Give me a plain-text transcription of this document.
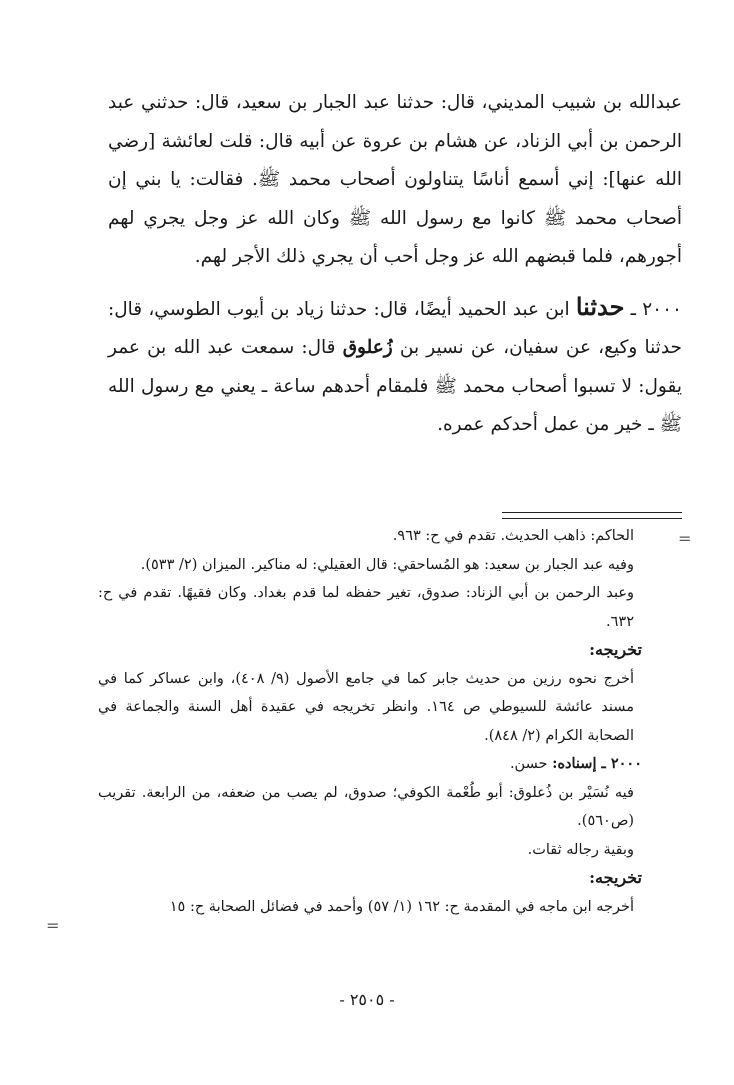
عبدالله بن شبيب المديني، قال: حدثنا عبد الجبار بن سعيد، قال: حدثني عبد الرحمن بن أبي الزناد، عن هشام بن عروة عن أبيه قال: قلت لعائشة [رضي الله عنها]: إني أسمع أناسًا يتناولون أصحاب محمد ﷺ. فقالت: يا بني إن أصحاب محمد ﷺ كانوا مع رسول الله ﷺ وكان الله عز وجل يجري لهم أجورهم، فلما قبضهم الله عز وجل أحب أن يجري ذلك الأجر لهم.

٢٠٠٠ ـ حدثنا ابن عبد الحميد أيضًا، قال: حدثنا زياد بن أيوب الطوسي، قال: حدثنا وكيع، عن سفيان، عن نسير بن زُعلوق قال: سمعت عبد الله بن عمر يقول: لا تسبوا أصحاب محمد ﷺ فلمقام أحدهم ساعة ـ يعني مع رسول الله ﷺ ـ خير من عمل أحدكم عمره.

=

الحاكم: ذاهب الحديث. تقدم في ح: ٩٦٣.

وفيه عبد الجبار بن سعيد: هو المُساحقي: قال العقيلي: له مناكير. الميزان (٢/ ٥٣٣).

وعبد الرحمن بن أبي الزناد: صدوق، تغير حفظه لما قدم بغداد. وكان فقيهًا. تقدم في ح: ٦٣٢.

تخريجه:

أخرج نحوه رزين من حديث جابر كما في جامع الأصول (٩/ ٤٠٨)، وابن عساكر كما في مسند عائشة للسيوطي ص ١٦٤. وانظر تخريجه في عقيدة أهل السنة والجماعة في الصحابة الكرام (٢/ ٨٤٨).

٢٠٠٠ ـ إسناده: حسن.

فيه نُسَيْر بن ذُعلوق: أبو طُعْمة الكوفي؛ صدوق، لم يصب من ضعفه، من الرابعة. تقريب (ص٥٦٠).

وبقية رجاله ثقات.

تخريجه:

أخرجه ابن ماجه في المقدمة ح: ١٦٢ (١/ ٥٧) وأحمد في فضائل الصحابة ح: ١٥

=
- ٢٥٠٥ -
